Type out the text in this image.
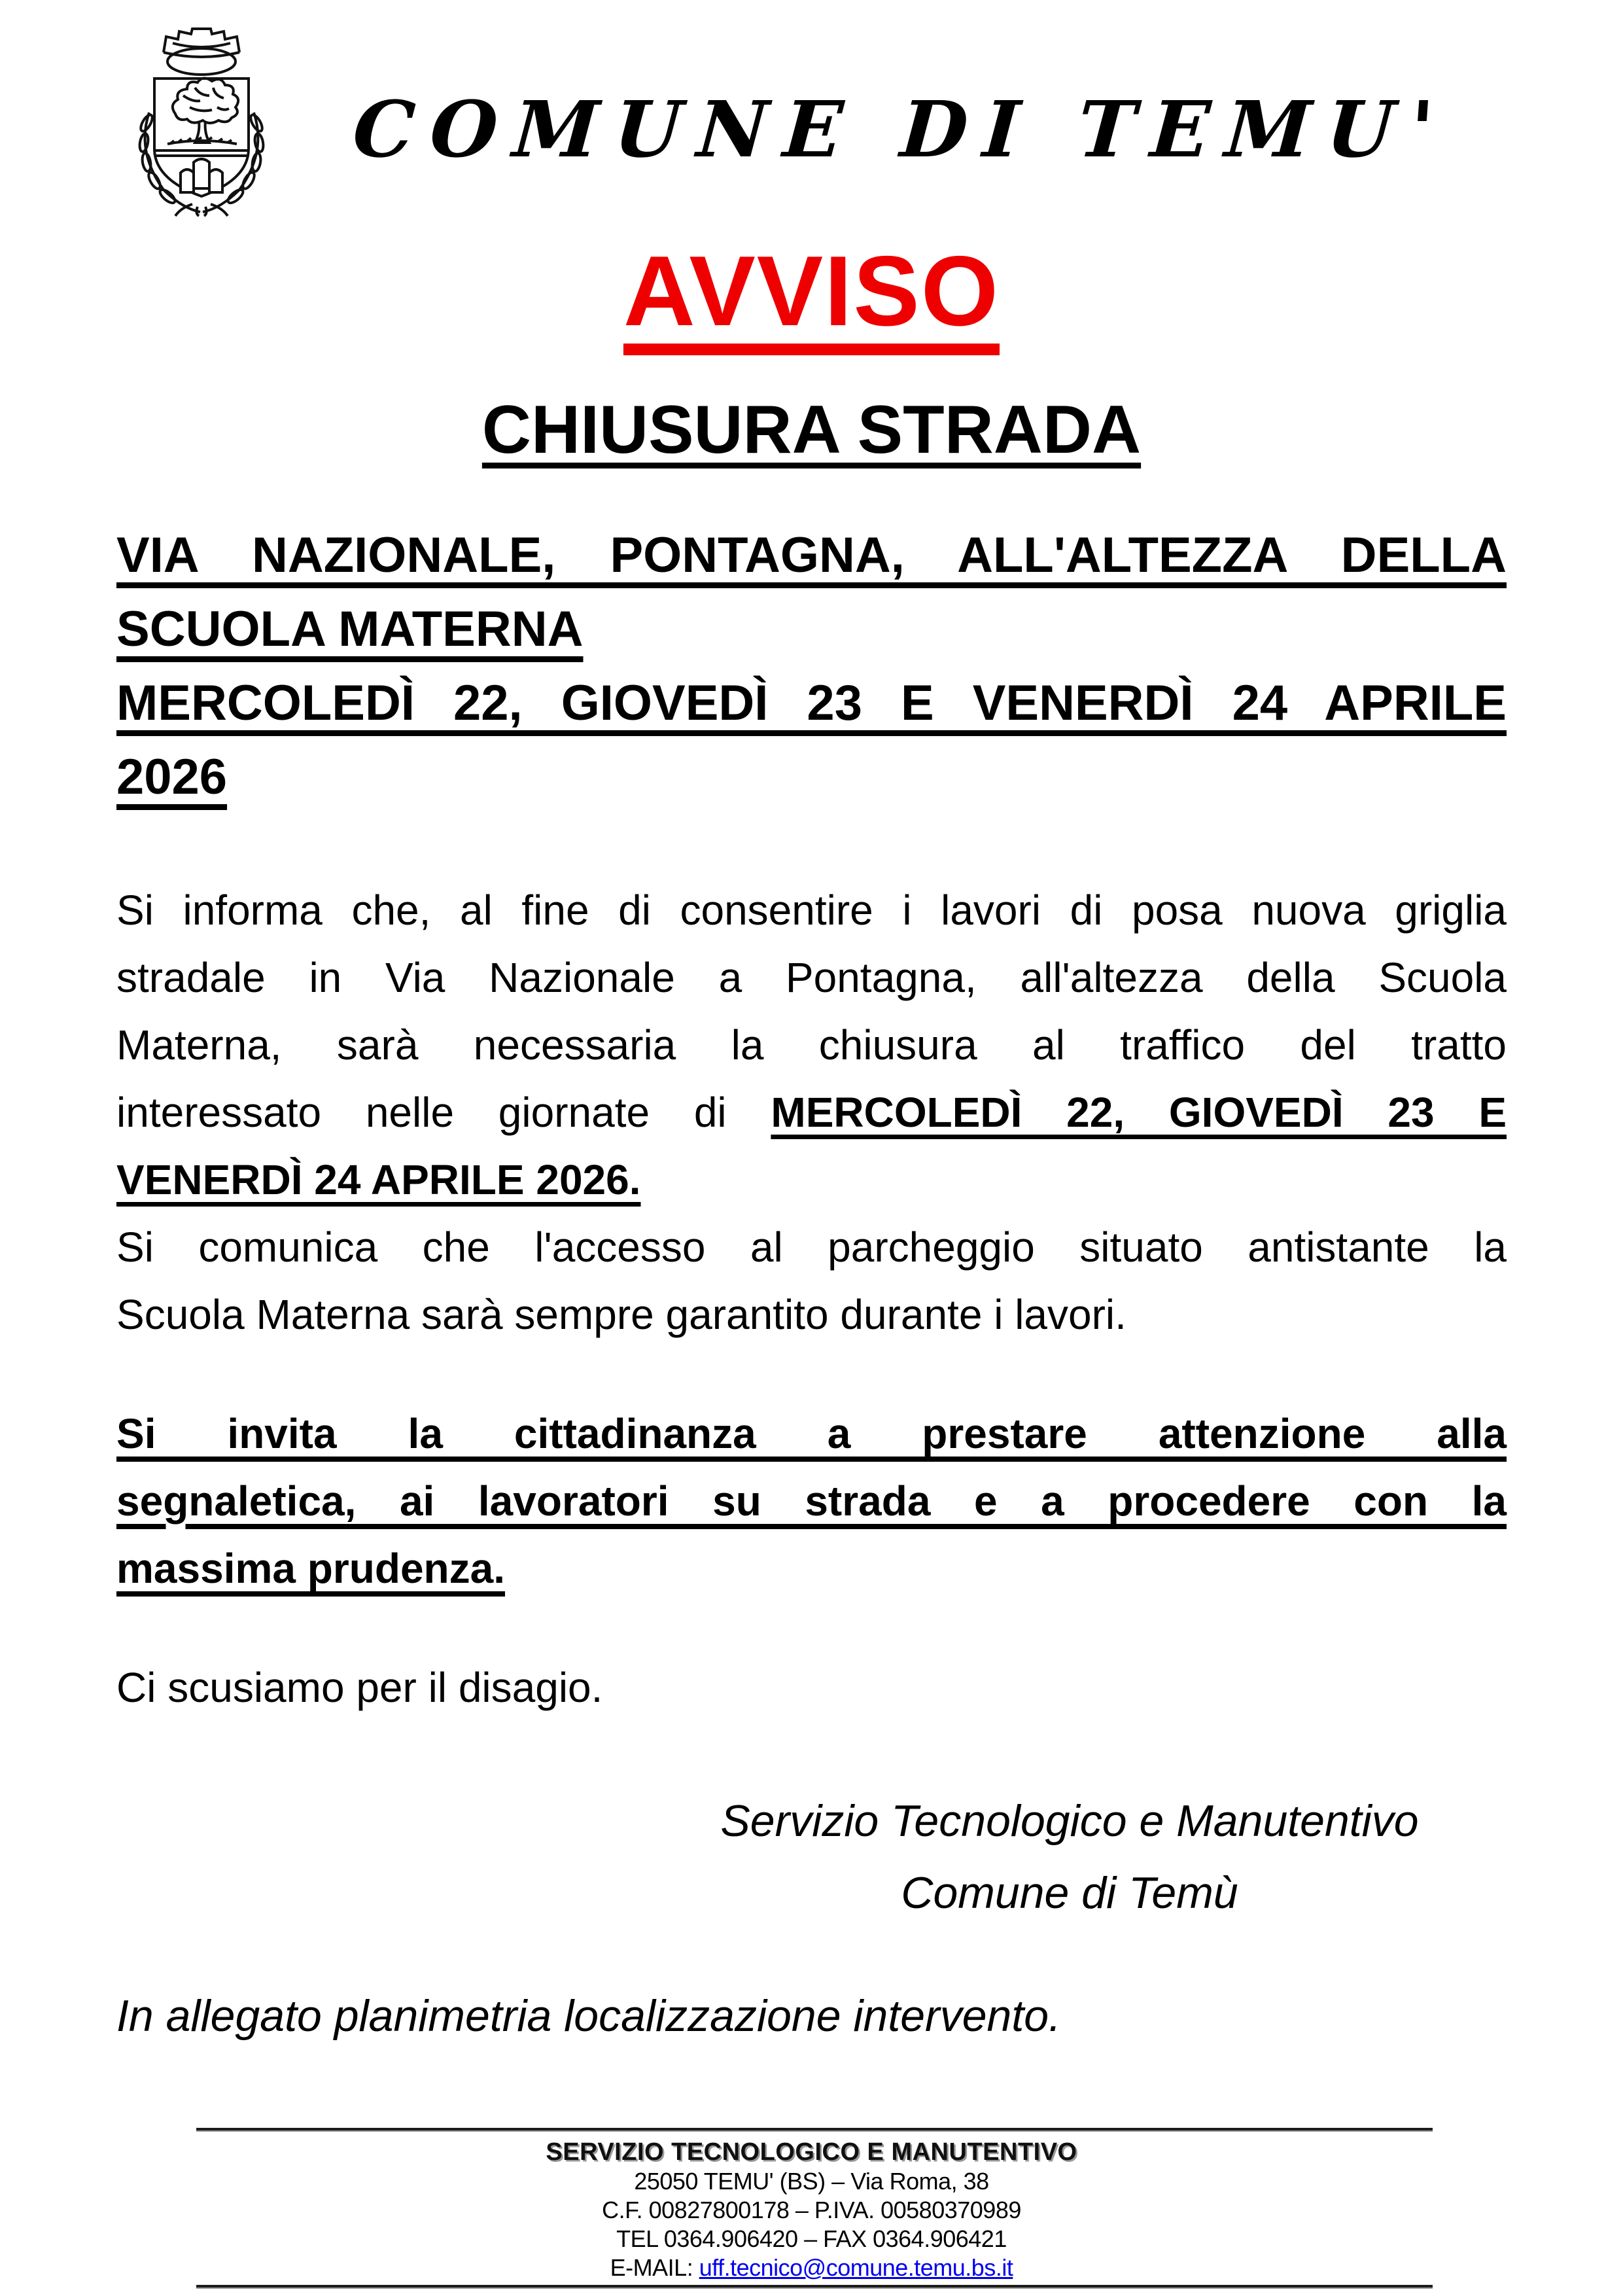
COMUNE DI TEMU'
AVVISO
CHIUSURA STRADA
VIA NAZIONALE, PONTAGNA, ALL'ALTEZZA DELLA
SCUOLA MATERNA
MERCOLEDÌ 22, GIOVEDÌ 23 E VENERDÌ 24 APRILE
2026
Si informa che, al fine di consentire i lavori di posa nuova griglia
stradale in Via Nazionale a Pontagna, all'altezza della Scuola
Materna, sarà necessaria la chiusura al traffico del tratto
interessato nelle giornate di MERCOLEDÌ 22, GIOVEDÌ 23 E
VENERDÌ 24 APRILE 2026.
Si comunica che l'accesso al parcheggio situato antistante la
Scuola Materna sarà sempre garantito durante i lavori.
Si invita la cittadinanza a prestare attenzione alla
segnaletica, ai lavoratori su strada e a procedere con la
massima prudenza.
Ci scusiamo per il disagio.
Servizio Tecnologico e Manutentivo
Comune di Temù
In allegato planimetria localizzazione intervento.
SERVIZIO TECNOLOGICO E MANUTENTIVO
25050 TEMU' (BS) – Via Roma, 38
C.F. 00827800178 – P.IVA. 00580370989
TEL 0364.906420 – FAX 0364.906421
E-MAIL: uff.tecnico@comune.temu.bs.it
